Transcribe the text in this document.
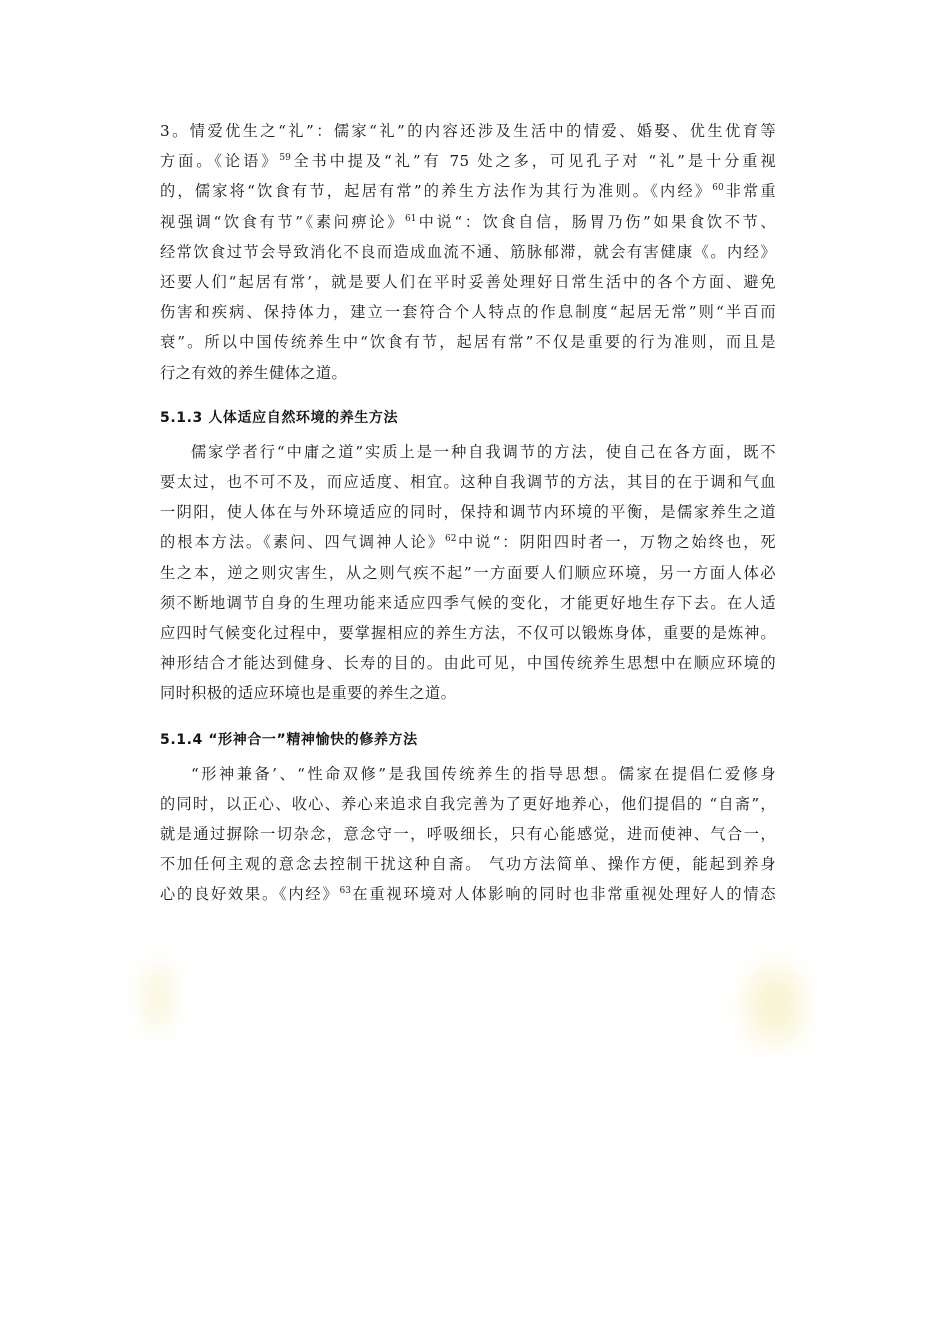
3。情爱优生之“礼”：儒家“礼”的内容还涉及生活中的情爱、婚娶、优生优育等
方面。《论语》$^{59}$全书中提及“礼”有 75 处之多，可见孔子对 “礼”是十分重视
的，儒家将“饮食有节，起居有常”的养生方法作为其行为准则。《内经》$^{60}$非常重
视强调“饮食有节”《素问痹论》$^{61}$中说“：饮食自信，肠胃乃伤”如果食饮不节、
经常饮食过节会导致消化不良而造成血流不通、筋脉郁滞，就会有害健康《。内经》
还要人们“起居有常’，就是要人们在平时妥善处理好日常生活中的各个方面、避免
伤害和疾病、保持体力，建立一套符合个人特点的作息制度“起居无常”则“半百而
衰”。所以中国传统养生中“饮食有节，起居有常”不仅是重要的行为准则，而且是
行之有效的养生健体之道。
5.1.3 人体适应自然环境的养生方法
儒家学者行“中庸之道”实质上是一种自我调节的方法，使自己在各方面，既不
要太过，也不可不及，而应适度、相宜。这种自我调节的方法，其目的在于调和气血
一阴阳，使人体在与外环境适应的同时，保持和调节内环境的平衡，是儒家养生之道
的根本方法。《素问、四气调神人论》$^{62}$中说“：阴阳四时者一，万物之始终也，死
生之本，逆之则灾害生，从之则气疾不起”一方面要人们顺应环境，另一方面人体必
须不断地调节自身的生理功能来适应四季气候的变化，才能更好地生存下去。在人适
应四时气候变化过程中，要掌握相应的养生方法，不仅可以锻炼身体，重要的是炼神。
神形结合才能达到健身、长寿的目的。由此可见，中国传统养生思想中在顺应环境的
同时积极的适应环境也是重要的养生之道。
5.1.4 “形神合一”精神愉快的修养方法
“形神兼备’、“性命双修”是我国传统养生的指导思想。儒家在提倡仁爱修身
的同时，以正心、收心、养心来追求自我完善为了更好地养心，他们提倡的 “自斋”，
就是通过摒除一切杂念，意念守一，呼吸细长，只有心能感觉，进而使神、气合一，
不加任何主观的意念去控制干扰这种自斋。 气功方法简单、操作方便，能起到养身
心的良好效果。《内经》$^{63}$在重视环境对人体影响的同时也非常重视处理好人的情态
